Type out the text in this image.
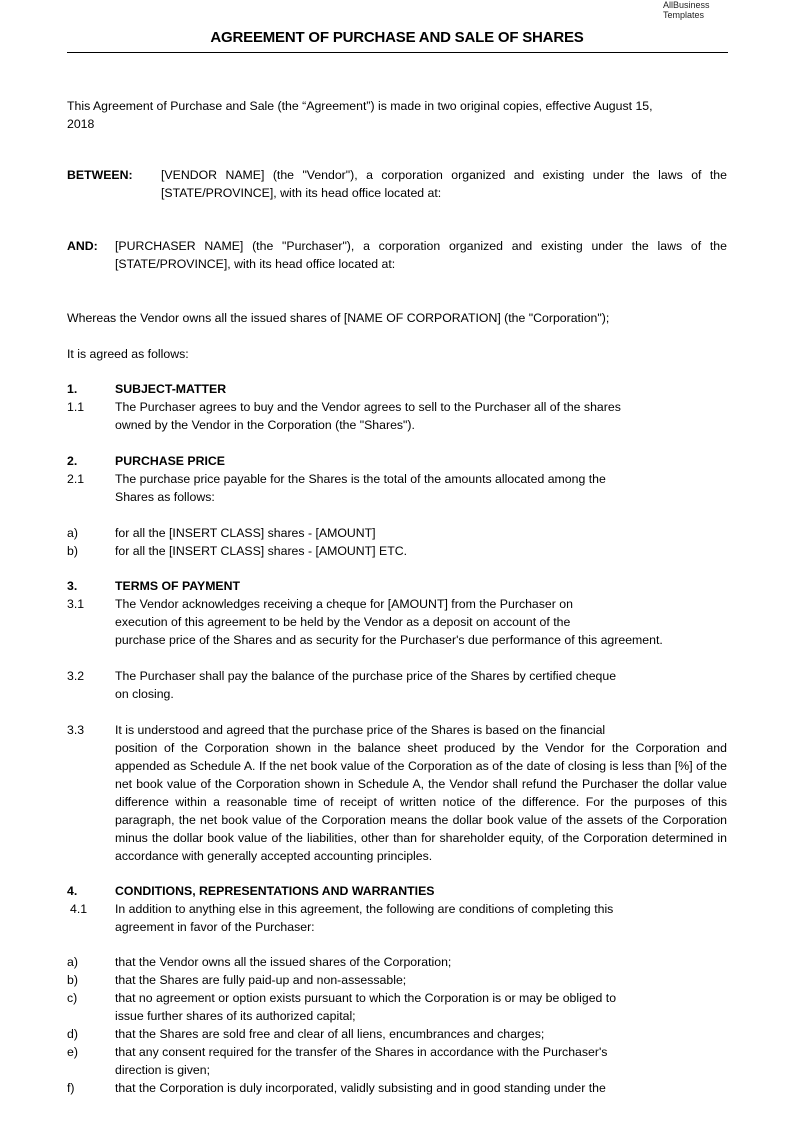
AllBusiness
Templates
AGREEMENT OF PURCHASE AND SALE OF SHARES
This Agreement of Purchase and Sale (the “Agreement”) is made in two original copies, effective August 15,
2018
BETWEEN: [VENDOR NAME] (the "Vendor"), a corporation organized and existing under the laws of the
[STATE/PROVINCE], with its head office located at:
AND: [PURCHASER NAME] (the "Purchaser"), a corporation organized and existing under the laws of the
[STATE/PROVINCE], with its head office located at:
Whereas the Vendor owns all the issued shares of [NAME OF CORPORATION] (the "Corporation");
It is agreed as follows:
1.	SUBJECT-MATTER
1.1	The Purchaser agrees to buy and the Vendor agrees to sell to the Purchaser all of the shares
owned by the Vendor in the Corporation (the "Shares").
2.	PURCHASE PRICE
2.1	The purchase price payable for the Shares is the total of the amounts allocated among the
Shares as follows:
a)	for all the [INSERT CLASS] shares - [AMOUNT]
b)	for all the [INSERT CLASS] shares - [AMOUNT] ETC.
3.	TERMS OF PAYMENT
3.1	The Vendor acknowledges receiving a cheque for [AMOUNT] from the Purchaser on
execution of this agreement to be held by the Vendor as a deposit on account of the
purchase price of the Shares and as security for the Purchaser's due performance of this agreement.
3.2	The Purchaser shall pay the balance of the purchase price of the Shares by certified cheque
on closing.
3.3	It is understood and agreed that the purchase price of the Shares is based on the financial
position of the Corporation shown in the balance sheet produced by the Vendor for the Corporation and appended as Schedule A. If the net book value of the Corporation as of the date of closing is less than [%] of the net book value of the Corporation shown in Schedule A, the Vendor shall refund the Purchaser the dollar value difference within a reasonable time of receipt of written notice of the difference. For the purposes of this paragraph, the net book value of the Corporation means the dollar book value of the assets of the Corporation minus the dollar book value of the liabilities, other than for shareholder equity, of the Corporation determined in accordance with generally accepted accounting principles.
4.	CONDITIONS, REPRESENTATIONS AND WARRANTIES
4.1 In addition to anything else in this agreement, the following are conditions of completing this
agreement in favor of the Purchaser:
a)	that the Vendor owns all the issued shares of the Corporation;
b)	that the Shares are fully paid-up and non-assessable;
c)	that no agreement or option exists pursuant to which the Corporation is or may be obliged to
issue further shares of its authorized capital;
d)	that the Shares are sold free and clear of all liens, encumbrances and charges;
e)	that any consent required for the transfer of the Shares in accordance with the Purchaser's
direction is given;
f)	that the Corporation is duly incorporated, validly subsisting and in good standing under the
